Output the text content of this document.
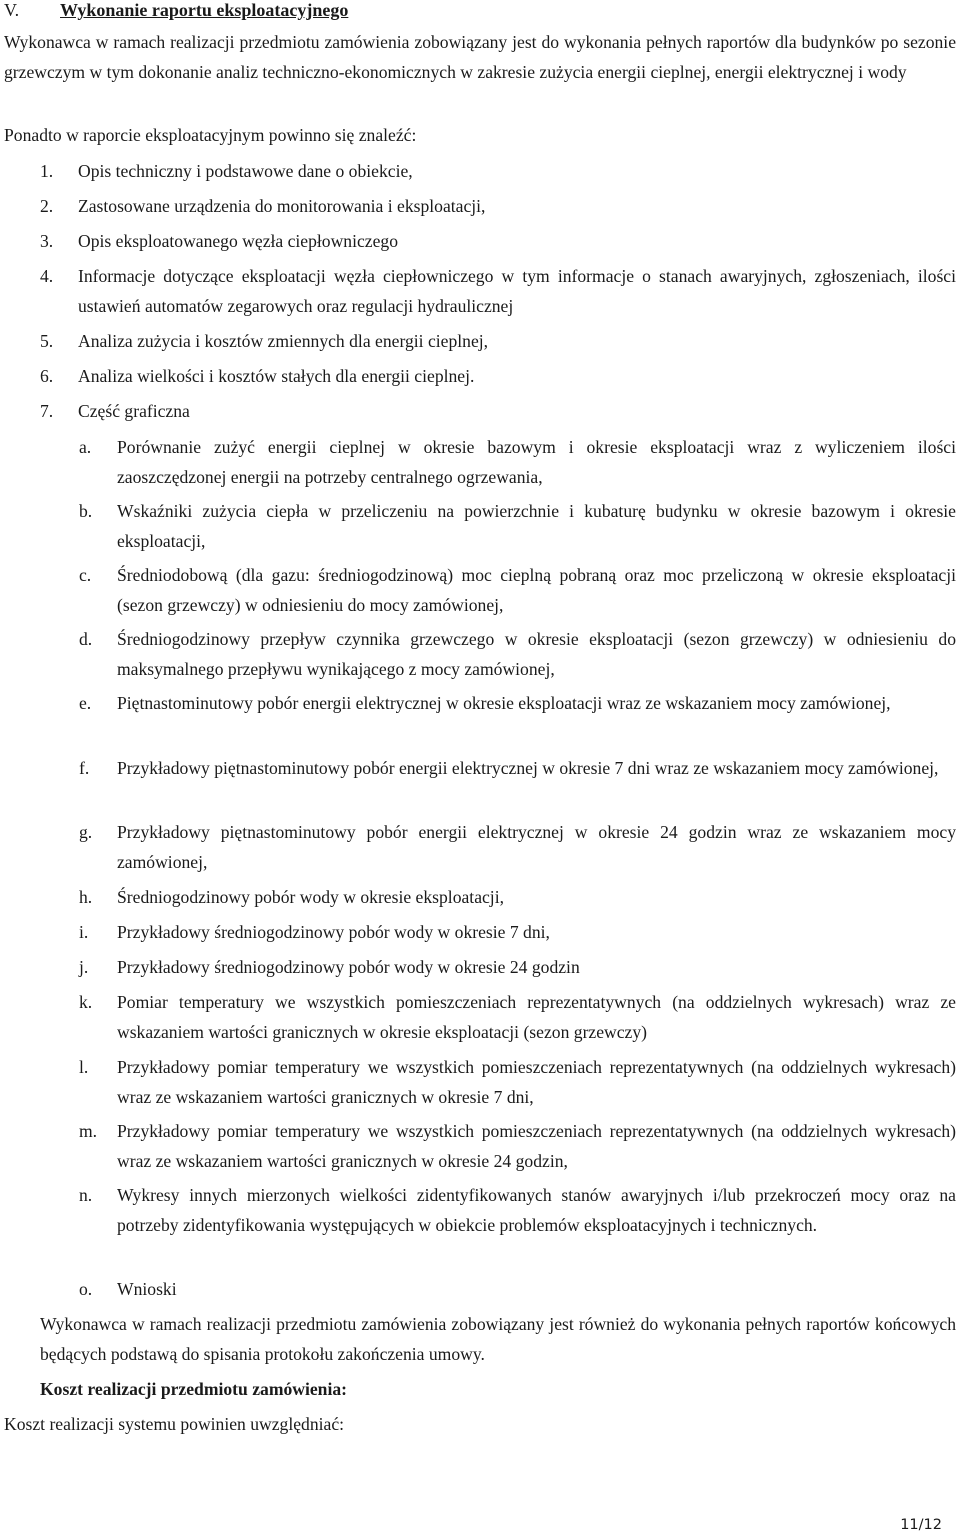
V. Wykonanie raportu eksploatacyjnego
Wykonawca w ramach realizacji przedmiotu zamówienia zobowiązany jest do wykonania pełnych raportów dla budynków po sezonie grzewczym w tym dokonanie analiz techniczno-ekonomicznych w zakresie zużycia energii cieplnej, energii elektrycznej i wody
Ponadto w raporcie eksploatacyjnym powinno się znaleźć:
1.	Opis techniczny i podstawowe dane o obiekcie,
2.	Zastosowane urządzenia do monitorowania i eksploatacji,
3.	Opis eksploatowanego węzła ciepłowniczego
4.	Informacje dotyczące eksploatacji węzła ciepłowniczego w tym informacje o stanach awaryjnych, zgłoszeniach, ilości ustawień automatów zegarowych oraz regulacji hydraulicznej
5.	Analiza zużycia i kosztów zmiennych dla energii cieplnej,
6.	Analiza wielkości i kosztów stałych dla energii cieplnej.
7.	Część graficzna
a.	Porównanie zużyć energii cieplnej w okresie bazowym i okresie eksploatacji wraz z wyliczeniem ilości zaoszczędzonej energii na potrzeby centralnego ogrzewania,
b.	Wskaźniki zużycia ciepła w przeliczeniu na powierzchnie i kubaturę budynku w okresie bazowym i okresie eksploatacji,
c.	Średniodobową (dla gazu: średniogodzinową) moc cieplną pobraną oraz moc przeliczoną w okresie eksploatacji (sezon grzewczy) w odniesieniu do mocy zamówionej,
d.	Średniogodzinowy przepływ czynnika grzewczego w okresie eksploatacji (sezon grzewczy) w odniesieniu do maksymalnego przepływu wynikającego z mocy zamówionej,
e.	Piętnastominutowy pobór energii elektrycznej w okresie eksploatacji wraz ze wskazaniem mocy zamówionej,
f.	Przykładowy piętnastominutowy pobór energii elektrycznej w okresie 7 dni wraz ze wskazaniem mocy zamówionej,
g.	Przykładowy piętnastominutowy pobór energii elektrycznej w okresie 24 godzin wraz ze wskazaniem mocy zamówionej,
h.	Średniogodzinowy pobór wody w okresie eksploatacji,
i.	Przykładowy średniogodzinowy pobór wody w okresie 7 dni,
j.	Przykładowy średniogodzinowy pobór wody w okresie 24 godzin
k.	Pomiar temperatury we wszystkich pomieszczeniach reprezentatywnych (na oddzielnych wykresach) wraz ze wskazaniem wartości granicznych w okresie eksploatacji (sezon grzewczy)
l.	Przykładowy pomiar temperatury we wszystkich pomieszczeniach reprezentatywnych (na oddzielnych wykresach) wraz ze wskazaniem wartości granicznych w okresie 7 dni,
m.	Przykładowy pomiar temperatury we wszystkich pomieszczeniach reprezentatywnych (na oddzielnych wykresach) wraz ze wskazaniem wartości granicznych w okresie 24 godzin,
n.	Wykresy innych mierzonych wielkości zidentyfikowanych stanów awaryjnych i/lub przekroczeń mocy oraz na potrzeby zidentyfikowania występujących w obiekcie problemów eksploatacyjnych i technicznych.
o.	Wnioski
Wykonawca w ramach realizacji przedmiotu zamówienia zobowiązany jest również do wykonania pełnych raportów końcowych będących podstawą do spisania protokołu zakończenia umowy.
Koszt realizacji przedmiotu zamówienia:
Koszt realizacji systemu powinien uwzględniać:
11/12
